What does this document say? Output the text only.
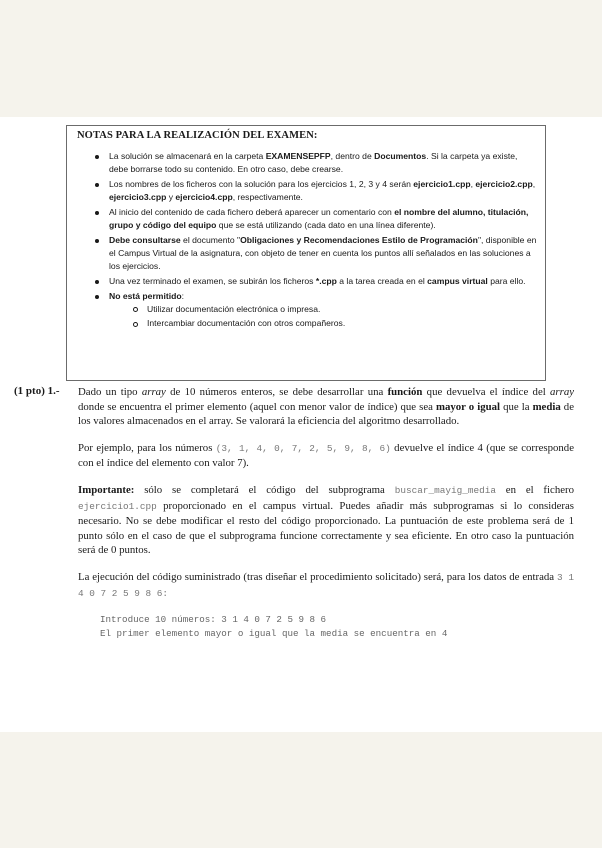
NOTAS PARA LA REALIZACIÓN DEL EXAMEN:
La solución se almacenará en la carpeta EXAMENSEPFP, dentro de Documentos. Si la carpeta ya existe, debe borrarse todo su contenido. En otro caso, debe crearse.
Los nombres de los ficheros con la solución para los ejercicios 1, 2, 3 y 4 serán ejercicio1.cpp, ejercicio2.cpp, ejercicio3.cpp y ejercicio4.cpp, respectivamente.
Al inicio del contenido de cada fichero deberá aparecer un comentario con el nombre del alumno, titulación, grupo y código del equipo que se está utilizando (cada dato en una línea diferente).
Debe consultarse el documento "Obligaciones y Recomendaciones Estilo de Programación", disponible en el Campus Virtual de la asignatura, con objeto de tener en cuenta los puntos allí señalados en las soluciones a los ejercicios.
Una vez terminado el examen, se subirán los ficheros *.cpp a la tarea creada en el campus virtual para ello.
No está permitido:
Utilizar documentación electrónica o impresa.
Intercambiar documentación con otros compañeros.
(1 pto) 1.- Dado un tipo array de 10 números enteros, se debe desarrollar una función que devuelva el índice del array donde se encuentra el primer elemento (aquel con menor valor de índice) que sea mayor o igual que la media de los valores almacenados en el array. Se valorará la eficiencia del algoritmo desarrollado.

Por ejemplo, para los números (3, 1, 4, 0, 7, 2, 5, 9, 8, 6) devuelve el índice 4 (que se corresponde con el índice del elemento con valor 7).

Importante: sólo se completará el código del subprograma buscar_mayig_media en el fichero ejercicio1.cpp proporcionado en el campus virtual. Puedes añadir más subprogramas si lo consideras necesario. No se debe modificar el resto del código proporcionado. La puntuación de este problema será de 1 punto sólo en el caso de que el subprograma funcione correctamente y sea eficiente. En otro caso la puntuación será de 0 puntos.

La ejecución del código suministrado (tras diseñar el procedimiento solicitado) será, para los datos de entrada 3 1 4 0 7 2 5 9 8 6:

Introduce 10 números: 3 1 4 0 7 2 5 9 8 6
El primer elemento mayor o igual que la media se encuentra en 4
